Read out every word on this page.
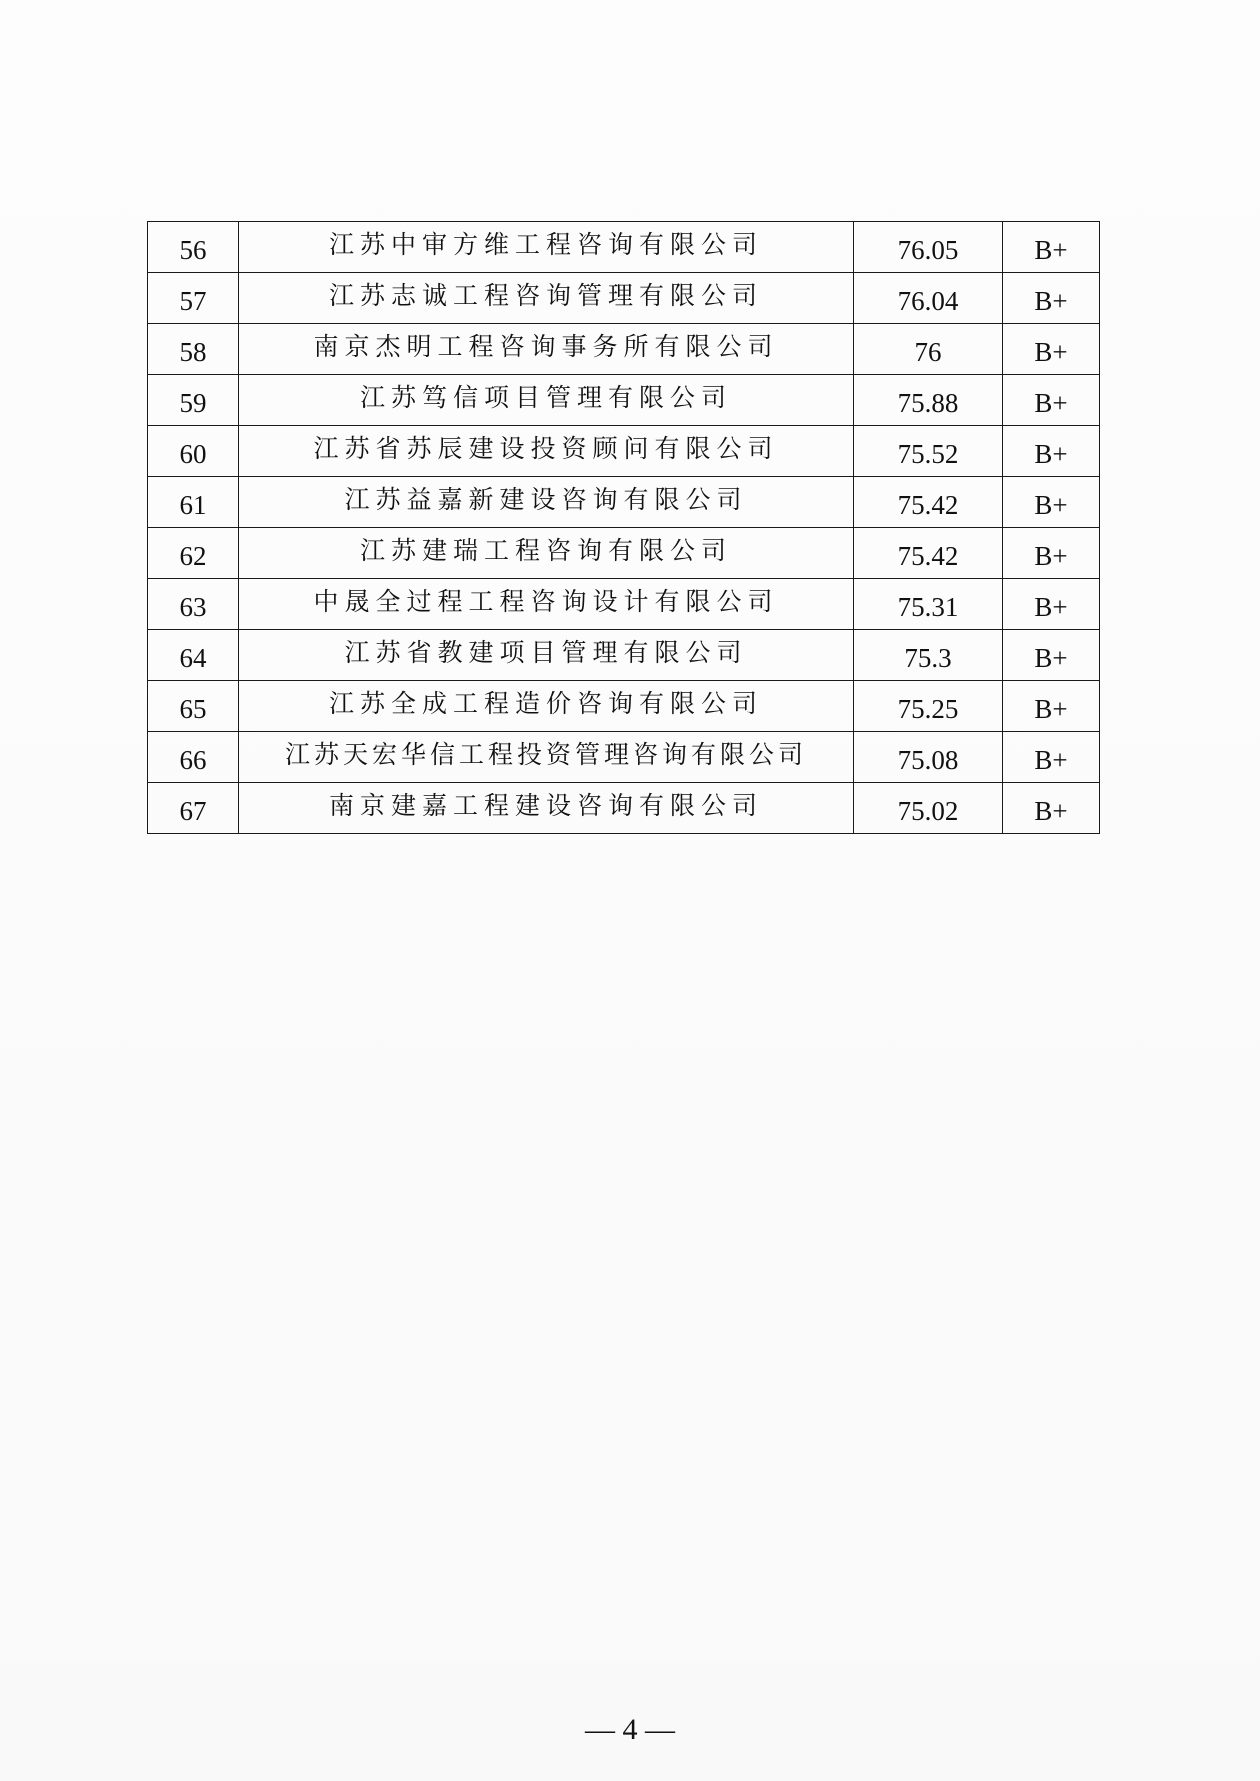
56	江苏中审方维工程咨询有限公司	76.05	B+
57	江苏志诚工程咨询管理有限公司	76.04	B+
58	南京杰明工程咨询事务所有限公司	76	B+
59	江苏笃信项目管理有限公司	75.88	B+
60	江苏省苏辰建设投资顾问有限公司	75.52	B+
61	江苏益嘉新建设咨询有限公司	75.42	B+
62	江苏建瑞工程咨询有限公司	75.42	B+
63	中晟全过程工程咨询设计有限公司	75.31	B+
64	江苏省教建项目管理有限公司	75.3	B+
65	江苏全成工程造价咨询有限公司	75.25	B+
66	江苏天宏华信工程投资管理咨询有限公司	75.08	B+
67	南京建嘉工程建设咨询有限公司	75.02	B+
— 4 —
